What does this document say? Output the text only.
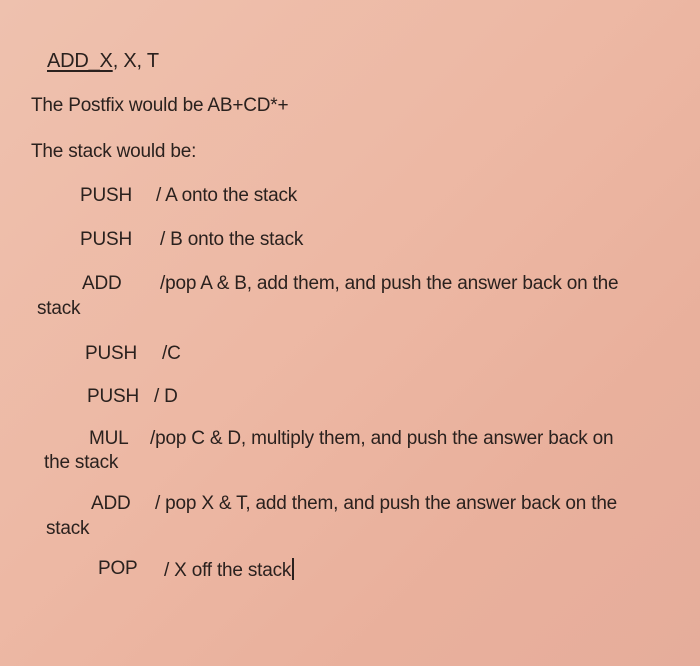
ADD_X, X, T
The Postfix would be AB+CD*+
The stack would be:
PUSH / A onto the stack
PUSH / B onto the stack
ADD /pop A & B, add them, and push the answer back on the
stack
PUSH /C
PUSH / D
MUL /pop C & D, multiply them, and push the answer back on
the stack
ADD / pop X & T, add them, and push the answer back on the
stack
POP / X off the stack
